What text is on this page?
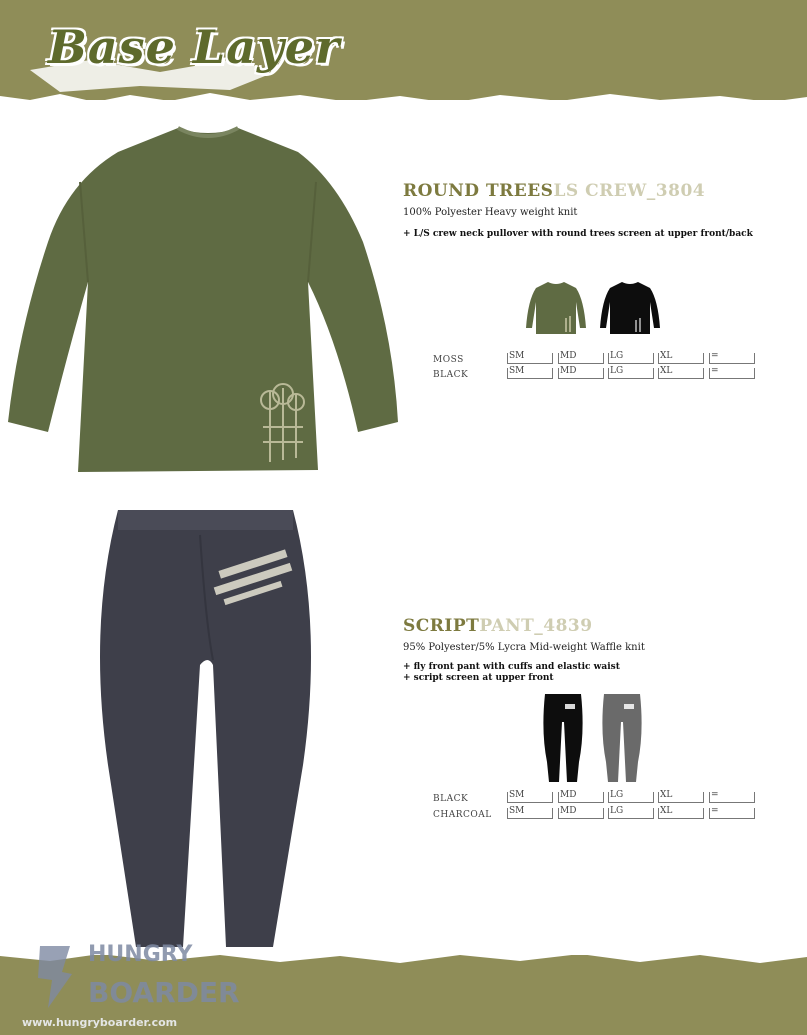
Base Layer
ROUND TREESLS CREW_3804
100% Polyester Heavy weight knit
+ L/S crew neck pullover with round trees screen at upper front/back
MOSS	SM	MD	LG	XL	=
BLACK	SM	MD	LG	XL	=
SCRIPTPANT_4839
95% Polyester/5% Lycra Mid-weight Waffle knit
+ fly front pant with cuffs and elastic waist
+ script screen at upper front
BLACK	SM	MD	LG	XL	=
CHARCOAL SM	MD	LG	XL	=
HUNGRY
BOARDER
www.hungryboarder.com
